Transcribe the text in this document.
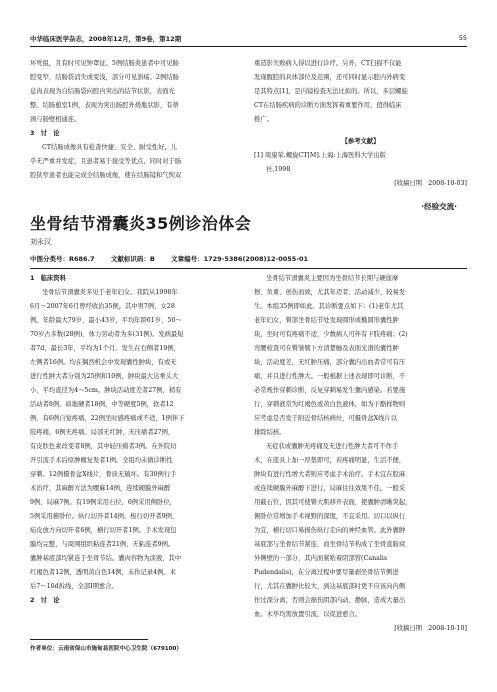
中华临床医学杂志，2008年12月，第9卷，第12期	55
坏死组，且有时可见钟罩征。5例结肠炎患者中可见肠
腔变窄，结肠袋消失或变浅，部分可见溃疡。2例结肠
息肉表现为自结肠袋向腔内突出的结节状影，表面光
整。结肠憩室1例，表现为突出肠腔外烧瓶状影，有蒂
颈与肠壁相通连。
3　讨　论
CT结肠成像具有检查快捷、安全、耐受性好，儿
乎无严重并发症，且患者易于接受等优点，同时对于肠
腔狭窄患者也能完成全结肠成像，使在结肠镜和气钡双
重造影失败病人得以进行诊疗。另外，CT扫描不仅能
发现腹腔的具体部位及范围，还可同时显示腔内外病变
是其特点[1]，是内镜检查无法比拟的。所以，多层螺旋
CT在结肠疾病的诊断方面发挥着重要作用，值得临床
推广。
【参考文献】
[1] 周康荣.螺旋CT[M].上海:上海医科大学出版
社,1998
[收稿日期　2008-10-03]
·经验交流·
坐骨结节滑囊炎35例诊治体会
刘永汉
中图分类号：R686.7	文献标识码：B	文章编号：1729-5386(2008)12-0055-01
1　临床资料
坐骨结节滑囊炎多见于老年妇女。我院从1998年
6月～2007年6月曾经收治35例，其中男7例，女28
例。年龄最大79岁，最小43岁，平均年龄61岁，50～
70岁占多数(28例)，体力劳动者为多(31例)。发病最短
者7d，最长3年，平均为1个月。发生在右侧者19例，
左侧者16例。均在偶然机会中发现囊性肿块，有或无
进行性肿大者分别为25例和10例，肿块最大达拳头大
小，平均直径为4～5cm。肿块活动度差者27例，稍有
活动者8例。质地硬者18例，中等硬度5例，软者12
例，有6例自觉疼痛，22例坐时感疼痛或不适，1例伴下
肢疼痛，6例无疼痛。局部无红肿、无压痛者27例，
有皮肤色素改变者8例，其中轻压痛者3例。在外院切
开引流手术后原肿瘤复发者1例。全组均未做诊断性
穿刺。12例摄骨盆X线片，骨质无破坏。有30例行手
术治疗，其麻醉方法为腰麻14例，连续硬膜外麻醉
9例，局麻7例。有19例采用石位，6例采用侧卧位，
5例采用俯卧位。纵行切开者14例，梭行切开者9例，
疝皮放方向切开者6例，横行切开者1例。手术发现包
膜均完整，与周围组织粘连者21例，无粘连者9例。
囊肿基底部均紧连于坐骨节结。囊肉容物为淡液，其中
红褐色者12例，透明黄白色14例，未作记录4例。术
后7～10d拆线，全部Ⅰ期愈合。
2　讨　论
坐骨结节滑囊炎主要因为坐骨结节长期与硬座摩
擦、负重、创伤而致，尤其年迈者、活动减少，较易发
生。本组35例即如此。其诊断要点如下：(1)老年尤其
老年妇女，臀部坐骨结节处发现圆形或椭圆形囊性肿
块，坐时可有疼痛不适，少数病人可伴有下肢疼痛；(2)
弯腰检查可在臀皱襞下方清楚触及表面光滑的囊性肿
块，活动度差，无红肿压痛，部分囊内出血者常可有压
痛，并且进行性肿大。一般根据上述表现即可诊断，不
必常规作穿刺诊断，反复穿刺易发生囊内感染。若要施
行，穿刺液常为红褐色或黄白色液体，如为干酪样物则
应考虑是否发于附近骨结核病灶，可摄骨盆X线片以
排除结核。
无症状或囊肿无疼痛及无进行性肿大者可不作手
术，在座具上加一厚垫即可，若疼痛明显，生活不便，
肿块有进行性增大者则应考虑手术治疗。手术宜在股麻
或连续硬膜外麻醉下进行，局麻往往效果不佳。一般采
用截石位，因其可使臀大肌移开表面，使囊肿清晰突起，
俯卧位常增加手术视野的深度，不宜采用。切口以纵行
为宜，横行切口易损伤纵行走向的神经血管。此外囊肿
基底部与坐骨结节紧连，而坐骨结节构成了坐骨直肠窝
外侧壁的一部分，其内面紧贴着阴部管(Canalis
Pudendalis)，在分离过程中要尽量剥坐骨结节侧进
行，尤其在囊肿比较大，到达基底部时更不应该向内侧
作过深分离，否则会损伤阴部内动、静脉，造成大量出
血。术毕均需放置引流，以促进愈合。
[收稿日期　2008-10-10]
作者单位：云南省保山市施甸县医院中心卫生院（679100）
